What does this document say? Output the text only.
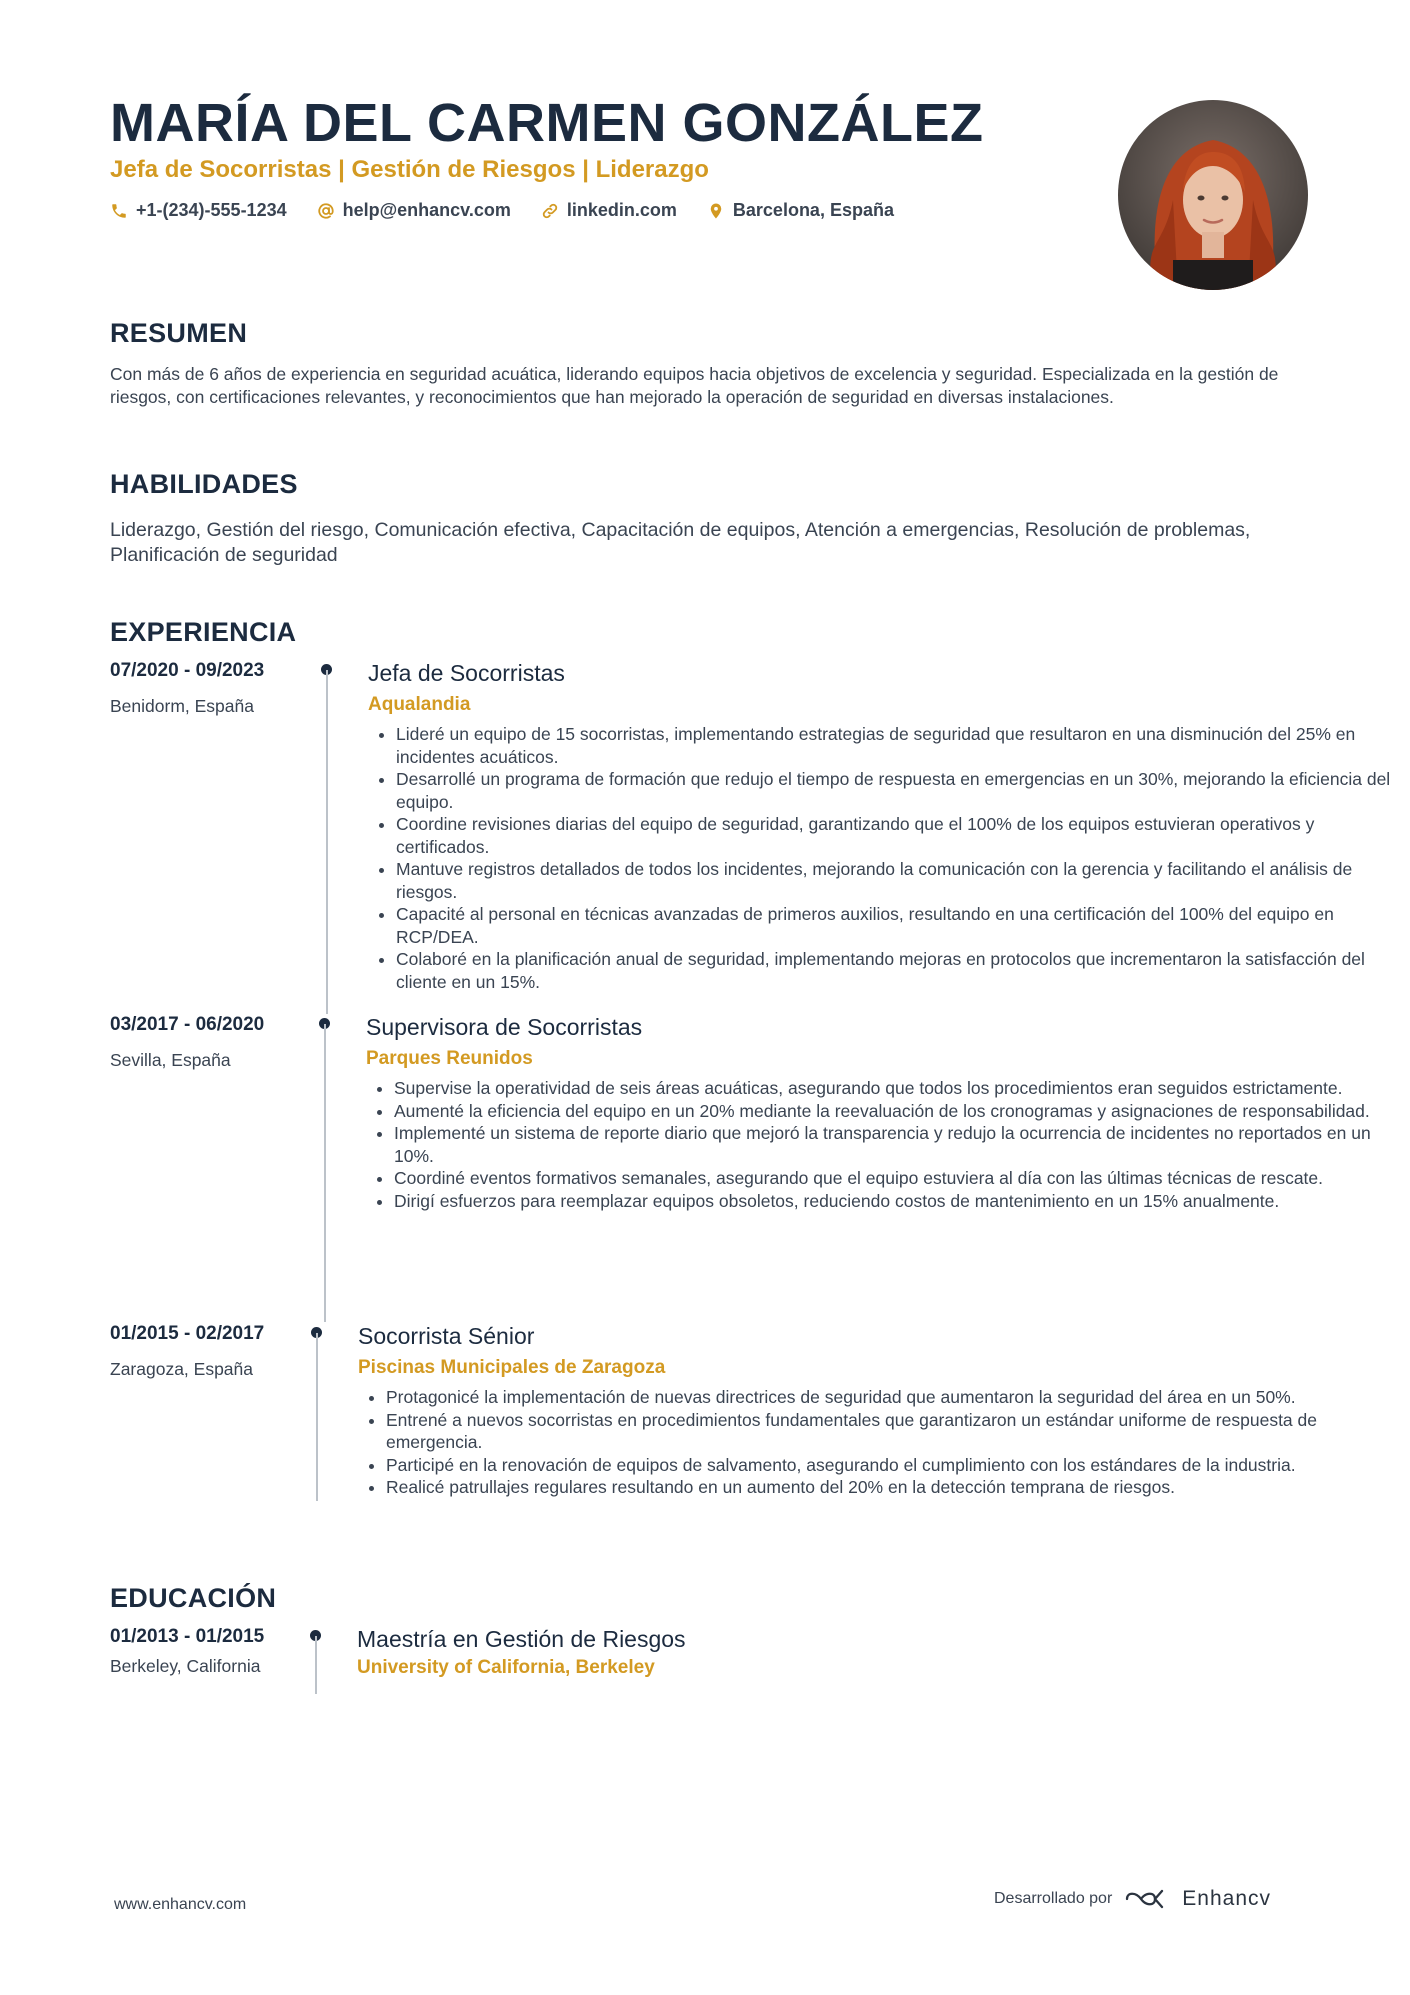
MARÍA DEL CARMEN GONZÁLEZ
Jefa de Socorristas | Gestión de Riesgos | Liderazgo
+1-(234)-555-1234	help@enhancv.com	linkedin.com	Barcelona, España
RESUMEN
Con más de 6 años de experiencia en seguridad acuática, liderando equipos hacia objetivos de excelencia y seguridad. Especializada en la gestión de riesgos, con certificaciones relevantes, y reconocimientos que han mejorado la operación de seguridad en diversas instalaciones.
HABILIDADES
Liderazgo, Gestión del riesgo, Comunicación efectiva, Capacitación de equipos, Atención a emergencias, Resolución de problemas, Planificación de seguridad
EXPERIENCIA
07/2020 - 09/2023
Benidorm, España
Jefa de Socorristas
Aqualandia
• Lideré un equipo de 15 socorristas, implementando estrategias de seguridad que resultaron en una disminución del 25% en incidentes acuáticos.
• Desarrollé un programa de formación que redujo el tiempo de respuesta en emergencias en un 30%, mejorando la eficiencia del equipo.
• Coordine revisiones diarias del equipo de seguridad, garantizando que el 100% de los equipos estuvieran operativos y certificados.
• Mantuve registros detallados de todos los incidentes, mejorando la comunicación con la gerencia y facilitando el análisis de riesgos.
• Capacité al personal en técnicas avanzadas de primeros auxilios, resultando en una certificación del 100% del equipo en RCP/DEA.
• Colaboré en la planificación anual de seguridad, implementando mejoras en protocolos que incrementaron la satisfacción del cliente en un 15%.
03/2017 - 06/2020
Sevilla, España
Supervisora de Socorristas
Parques Reunidos
• Supervise la operatividad de seis áreas acuáticas, asegurando que todos los procedimientos eran seguidos estrictamente.
• Aumenté la eficiencia del equipo en un 20% mediante la reevaluación de los cronogramas y asignaciones de responsabilidad.
• Implementé un sistema de reporte diario que mejoró la transparencia y redujo la ocurrencia de incidentes no reportados en un 10%.
• Coordiné eventos formativos semanales, asegurando que el equipo estuviera al día con las últimas técnicas de rescate.
• Dirigí esfuerzos para reemplazar equipos obsoletos, reduciendo costos de mantenimiento en un 15% anualmente.
01/2015 - 02/2017
Zaragoza, España
Socorrista Sénior
Piscinas Municipales de Zaragoza
• Protagonicé la implementación de nuevas directrices de seguridad que aumentaron la seguridad del área en un 50%.
• Entrené a nuevos socorristas en procedimientos fundamentales que garantizaron un estándar uniforme de respuesta de emergencia.
• Participé en la renovación de equipos de salvamento, asegurando el cumplimiento con los estándares de la industria.
• Realicé patrullajes regulares resultando en un aumento del 20% en la detección temprana de riesgos.
EDUCACIÓN
01/2013 - 01/2015
Berkeley, California
Maestría en Gestión de Riesgos
University of California, Berkeley
www.enhancv.com	Desarrollado por	Enhancv
